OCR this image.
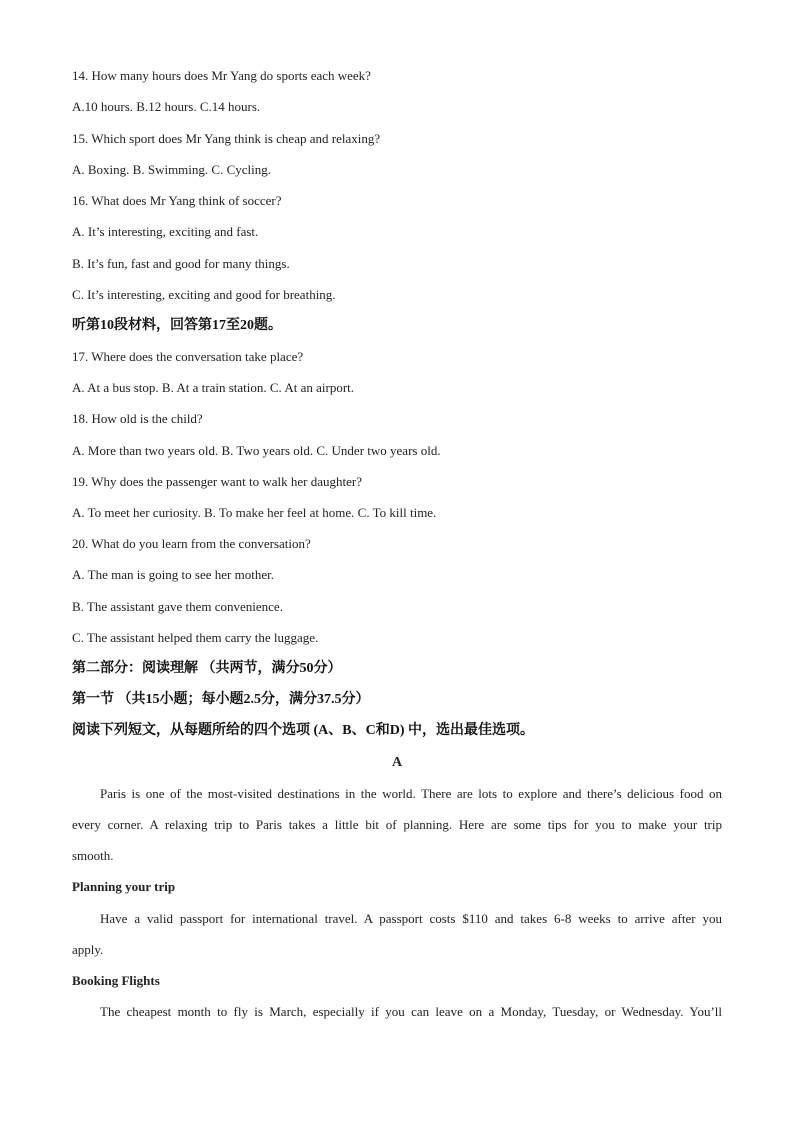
14. How many hours does Mr Yang do sports each week?
A.10 hours. B.12 hours. C.14 hours.
15. Which sport does Mr Yang think is cheap and relaxing?
A. Boxing. B. Swimming. C. Cycling.
16. What does Mr Yang think of soccer?
A. It’s interesting, exciting and fast.
B. It’s fun, fast and good for many things.
C. It’s interesting, exciting and good for breathing.
听第10段材料，回答第17至20题。
17. Where does the conversation take place?
A. At a bus stop. B. At a train station. C. At an airport.
18. How old is the child?
A. More than two years old. B. Two years old. C. Under two years old.
19. Why does the passenger want to walk her daughter?
A. To meet her curiosity. B. To make her feel at home. C. To kill time.
20. What do you learn from the conversation?
A. The man is going to see her mother.
B. The assistant gave them convenience.
C. The assistant helped them carry the luggage.
第二部分：阅读理解 （共两节，满分50分）
第一节 （共15小题；每小题2.5分，满分37.5分）
阅读下列短文，从每题所给的四个选项 (A、B、C和D) 中，选出最佳选项。
A
Paris is one of the most-visited destinations in the world. There are lots to explore and there’s delicious food on
every corner. A relaxing trip to Paris takes a little bit of planning. Here are some tips for you to make your trip
smooth.
Planning your trip
Have a valid passport for international travel. A passport costs $110 and takes 6-8 weeks to arrive after you
apply.
Booking Flights
The cheapest month to fly is March, especially if you can leave on a Monday, Tuesday, or Wednesday. You’ll
